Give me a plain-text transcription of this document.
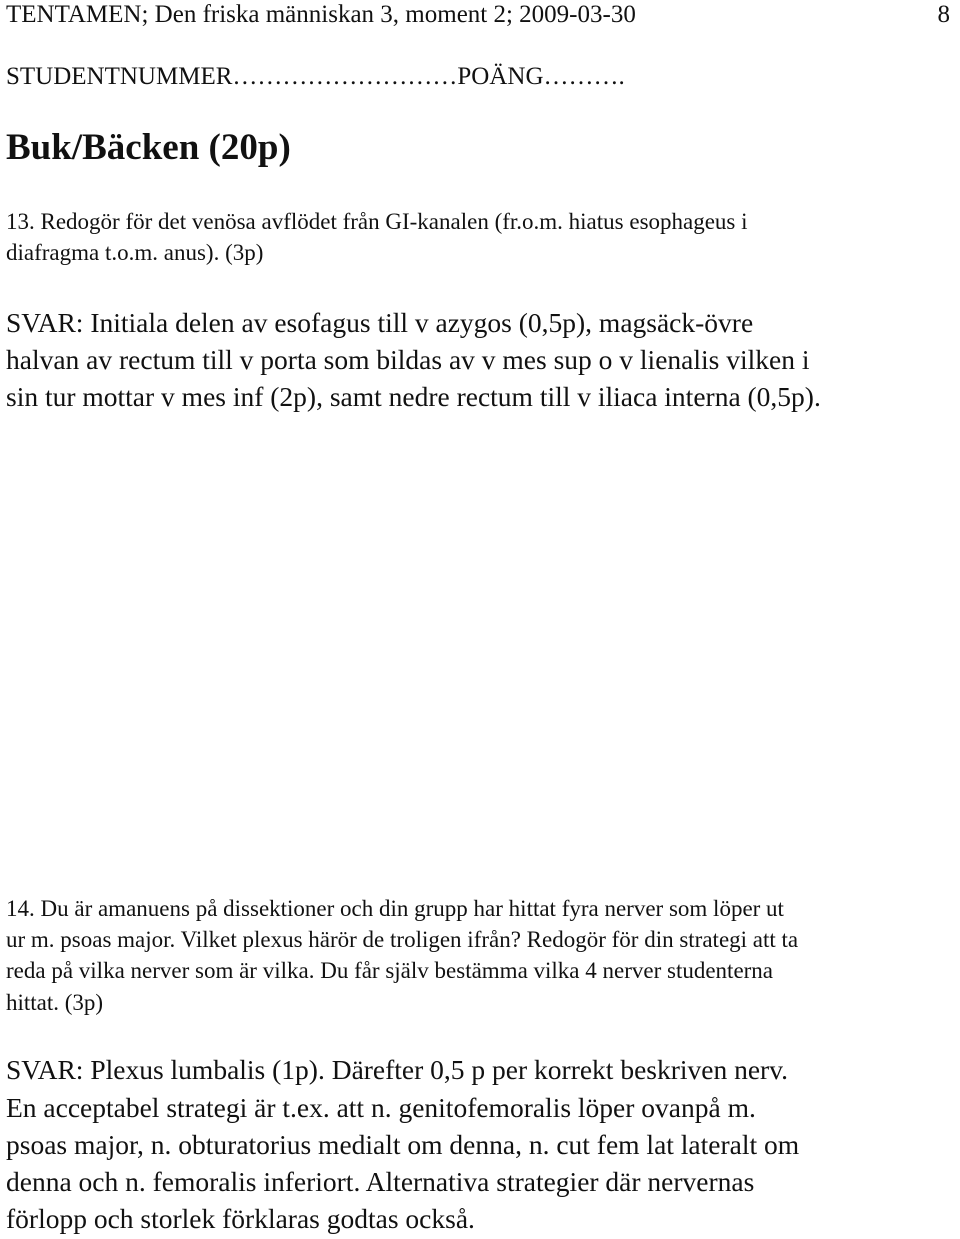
TENTAMEN; Den friska människan 3, moment 2; 2009-03-30	8
STUDENTNUMMER………………………POÄNG……….
Buk/Bäcken (20p)
13. Redogör för det venösa avflödet från GI-kanalen (fr.o.m. hiatus esophageus i
diafragma t.o.m. anus). (3p)
SVAR: Initiala delen av esofagus till v azygos (0,5p), magsäck-övre
halvan av rectum till v porta som bildas av v mes sup o v lienalis vilken i
sin tur mottar v mes inf (2p), samt nedre rectum till v iliaca interna (0,5p).
14. Du är amanuens på dissektioner och din grupp har hittat fyra nerver som löper ut
ur m. psoas major. Vilket plexus härör de troligen ifrån? Redogör för din strategi att ta
reda på vilka nerver som är vilka. Du får själv bestämma vilka 4 nerver studenterna
hittat. (3p)
SVAR: Plexus lumbalis (1p). Därefter 0,5 p per korrekt beskriven nerv.
En acceptabel strategi är t.ex. att n. genitofemoralis löper ovanpå m.
psoas major, n. obturatorius medialt om denna, n. cut fem lat lateralt om
denna och n. femoralis inferiort. Alternativa strategier där nervernas
förlopp och storlek förklaras godtas också.
